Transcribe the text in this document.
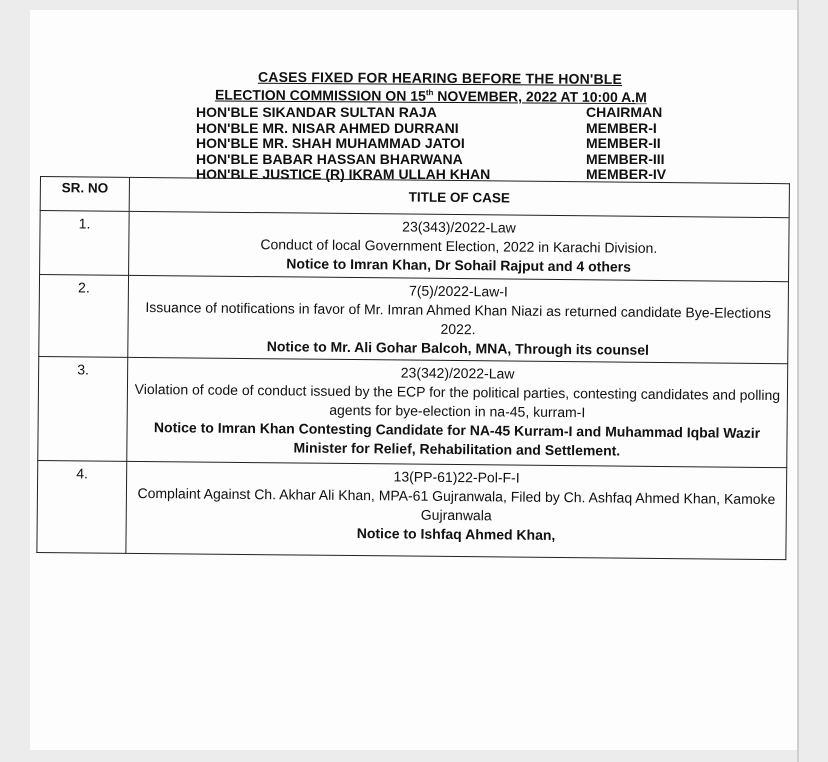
CASES FIXED FOR HEARING BEFORE THE HON'BLE
ELECTION COMMISSION ON 15th NOVEMBER, 2022 AT 10:00 A.M
HON'BLE SIKANDAR SULTAN RAJA	CHAIRMAN
HON'BLE MR. NISAR AHMED DURRANI	MEMBER-I
HON'BLE MR. SHAH MUHAMMAD JATOI	MEMBER-II
HON'BLE BABAR HASSAN BHARWANA	MEMBER-III
HON'BLE JUSTICE (R) IKRAM ULLAH KHAN	MEMBER-IV
SR. NO	TITLE OF CASE
1.	23(343)/2022-Law
Conduct of local Government Election, 2022 in Karachi Division.
Notice to Imran Khan, Dr Sohail Rajput and 4 others

2.	7(5)/2022-Law-I
Issuance of notifications in favor of Mr. Imran Ahmed Khan Niazi as returned candidate Bye-Elections 2022.
Notice to Mr. Ali Gohar Balcoh, MNA, Through its counsel

3.	23(342)/2022-Law
Violation of code of conduct issued by the ECP for the political parties, contesting candidates and polling agents for bye-election in na-45, kurram-I
Notice to Imran Khan Contesting Candidate for NA-45 Kurram-I and Muhammad Iqbal Wazir Minister for Relief, Rehabilitation and Settlement.

4.	13(PP-61)22-Pol-F-I
Complaint Against Ch. Akhar Ali Khan, MPA-61 Gujranwala, Filed by Ch. Ashfaq Ahmed Khan, Kamoke Gujranwala
Notice to Ishfaq Ahmed Khan,
